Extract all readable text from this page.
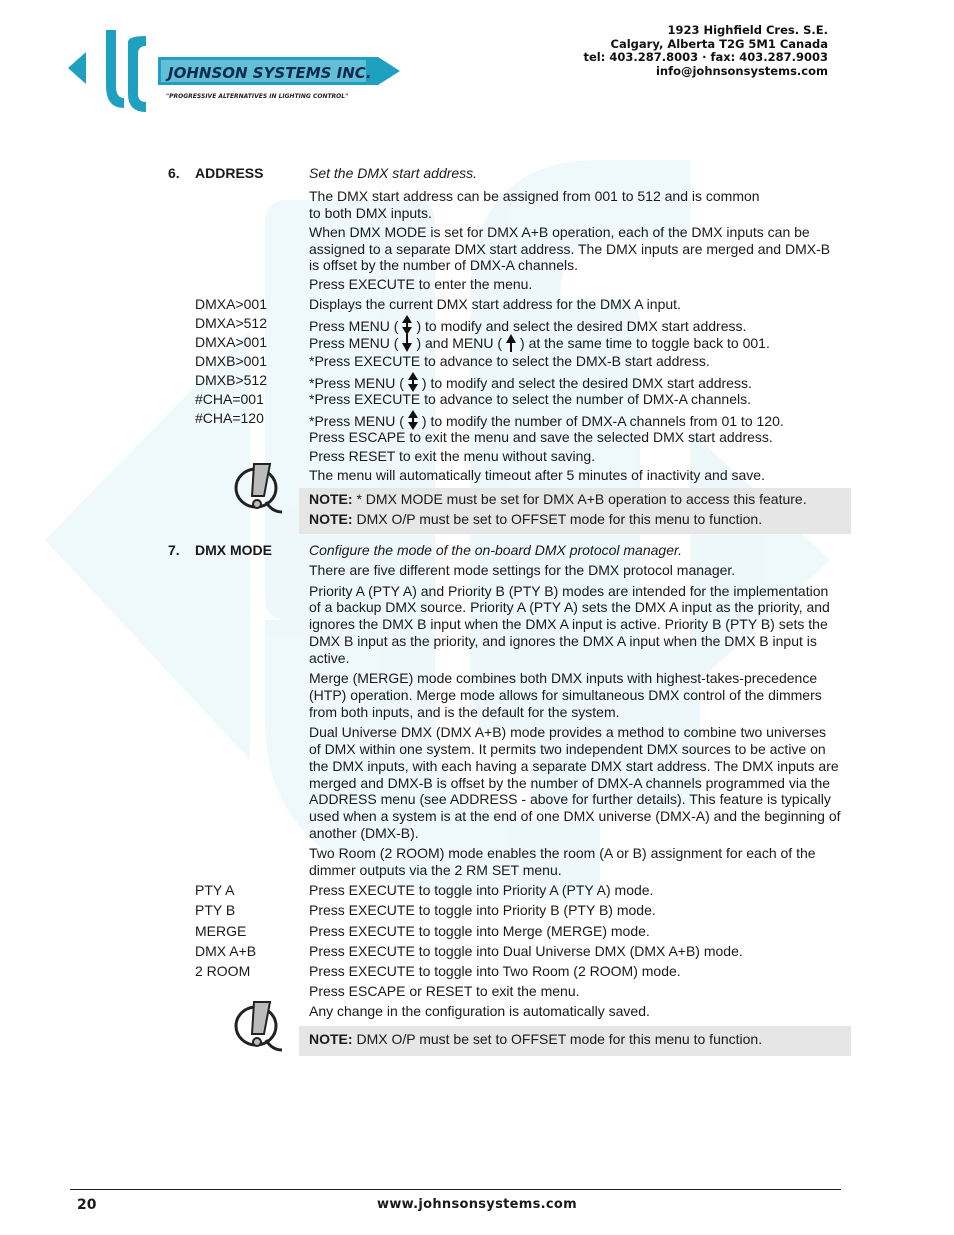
JOHNSON SYSTEMS INC.
"PROGRESSIVE ALTERNATIVES IN LIGHTING CONTROL"
1923 Highfield Cres. S.E.
Calgary, Alberta T2G 5M1 Canada
tel: 403.287.8003 · fax: 403.287.9003
info@johnsonsystems.com
6. ADDRESS	Set the DMX start address.
The DMX start address can be assigned from 001 to 512 and is common
to both DMX inputs.
When DMX MODE is set for DMX A+B operation, each of the DMX inputs can be
assigned to a separate DMX start address. The DMX inputs are merged and DMX-B
is offset by the number of DMX-A channels.
Press EXECUTE to enter the menu.
DMXA>001	Displays the current DMX start address for the DMX A input.
DMXA>512	Press MENU ( ) to modify and select the desired DMX start address.
DMXA>001	Press MENU ( ) and MENU ( ) at the same time to toggle back to 001.
DMXB>001	*Press EXECUTE to advance to select the DMX-B start address.
DMXB>512	*Press MENU ( ) to modify and select the desired DMX start address.
#CHA=001	*Press EXECUTE to advance to select the number of DMX-A channels.
#CHA=120	*Press MENU ( ) to modify the number of DMX-A channels from 01 to 120.
Press ESCAPE to exit the menu and save the selected DMX start address.
Press RESET to exit the menu without saving.
The menu will automatically timeout after 5 minutes of inactivity and save.
NOTE: * DMX MODE must be set for DMX A+B operation to access this feature.
NOTE: DMX O/P must be set to OFFSET mode for this menu to function.
7. DMX MODE	Configure the mode of the on-board DMX protocol manager.
There are five different mode settings for the DMX protocol manager.
Priority A (PTY A) and Priority B (PTY B) modes are intended for the implementation
of a backup DMX source. Priority A (PTY A) sets the DMX A input as the priority, and
ignores the DMX B input when the DMX A input is active. Priority B (PTY B) sets the
DMX B input as the priority, and ignores the DMX A input when the DMX B input is
active.
Merge (MERGE) mode combines both DMX inputs with highest-takes-precedence
(HTP) operation. Merge mode allows for simultaneous DMX control of the dimmers
from both inputs, and is the default for the system.
Dual Universe DMX (DMX A+B) mode provides a method to combine two universes
of DMX within one system. It permits two independent DMX sources to be active on
the DMX inputs, with each having a separate DMX start address. The DMX inputs are
merged and DMX-B is offset by the number of DMX-A channels programmed via the
ADDRESS menu (see ADDRESS - above for further details). This feature is typically
used when a system is at the end of one DMX universe (DMX-A) and the beginning of
another (DMX-B).
Two Room (2 ROOM) mode enables the room (A or B) assignment for each of the
dimmer outputs via the 2 RM SET menu.
PTY A	Press EXECUTE to toggle into Priority A (PTY A) mode.
PTY B	Press EXECUTE to toggle into Priority B (PTY B) mode.
MERGE	Press EXECUTE to toggle into Merge (MERGE) mode.
DMX A+B	Press EXECUTE to toggle into Dual Universe DMX (DMX A+B) mode.
2 ROOM	Press EXECUTE to toggle into Two Room (2 ROOM) mode.
Press ESCAPE or RESET to exit the menu.
Any change in the configuration is automatically saved.
NOTE: DMX O/P must be set to OFFSET mode for this menu to function.
20	www.johnsonsystems.com
